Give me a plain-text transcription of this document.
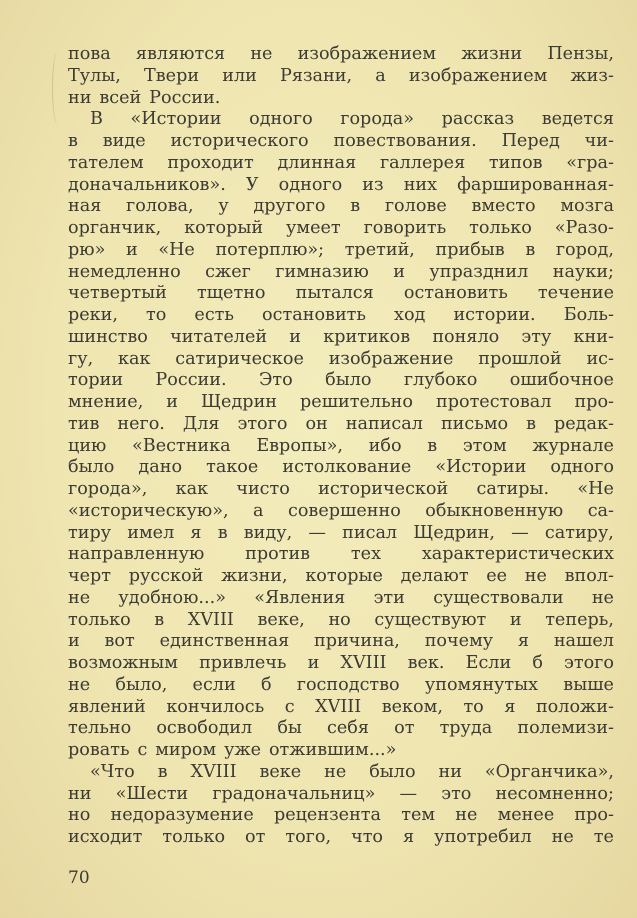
пова являются не изображением жизни Пензы,
Тулы, Твери или Рязани, а изображением жиз-
ни всей России.
В «Истории одного города» рассказ ведется
в виде исторического повествования. Перед чи-
тателем проходит длинная галлерея типов «гра-
доначальников». У одного из них фаршированная-
ная голова, у другого в голове вместо мозга
органчик, который умеет говорить только «Разо-
рю» и «Не потерплю»; третий, прибыв в город,
немедленно сжег гимназию и упразднил науки;
четвертый тщетно пытался остановить течение
реки, то есть остановить ход истории. Боль-
шинство читателей и критиков поняло эту кни-
гу, как сатирическое изображение прошлой ис-
тории России. Это было глубоко ошибочное
мнение, и Щедрин решительно протестовал про-
тив него. Для этого он написал письмо в редак-
цию «Вестника Европы», ибо в этом журнале
было дано такое истолкование «Истории одного
города», как чисто исторической сатиры. «Не
«историческую», а совершенно обыкновенную са-
тиру имел я в виду, — писал Щедрин, — сатиру,
направленную против тех характеристических
черт русской жизни, которые делают ее не впол-
не удобною...» «Явления эти существовали не
только в XVIII веке, но существуют и теперь,
и вот единственная причина, почему я нашел
возможным привлечь и XVIII век. Если б этого
не было, если б господство упомянутых выше
явлений кончилось с XVIII веком, то я положи-
тельно освободил бы себя от труда полемизи-
ровать с миром уже отжившим...»
«Что в XVIII веке не было ни «Органчика»,
ни «Шести градоначальниц» — это несомненно;
но недоразумение рецензента тем не менее про-
исходит только от того, что я употребил не те
70
